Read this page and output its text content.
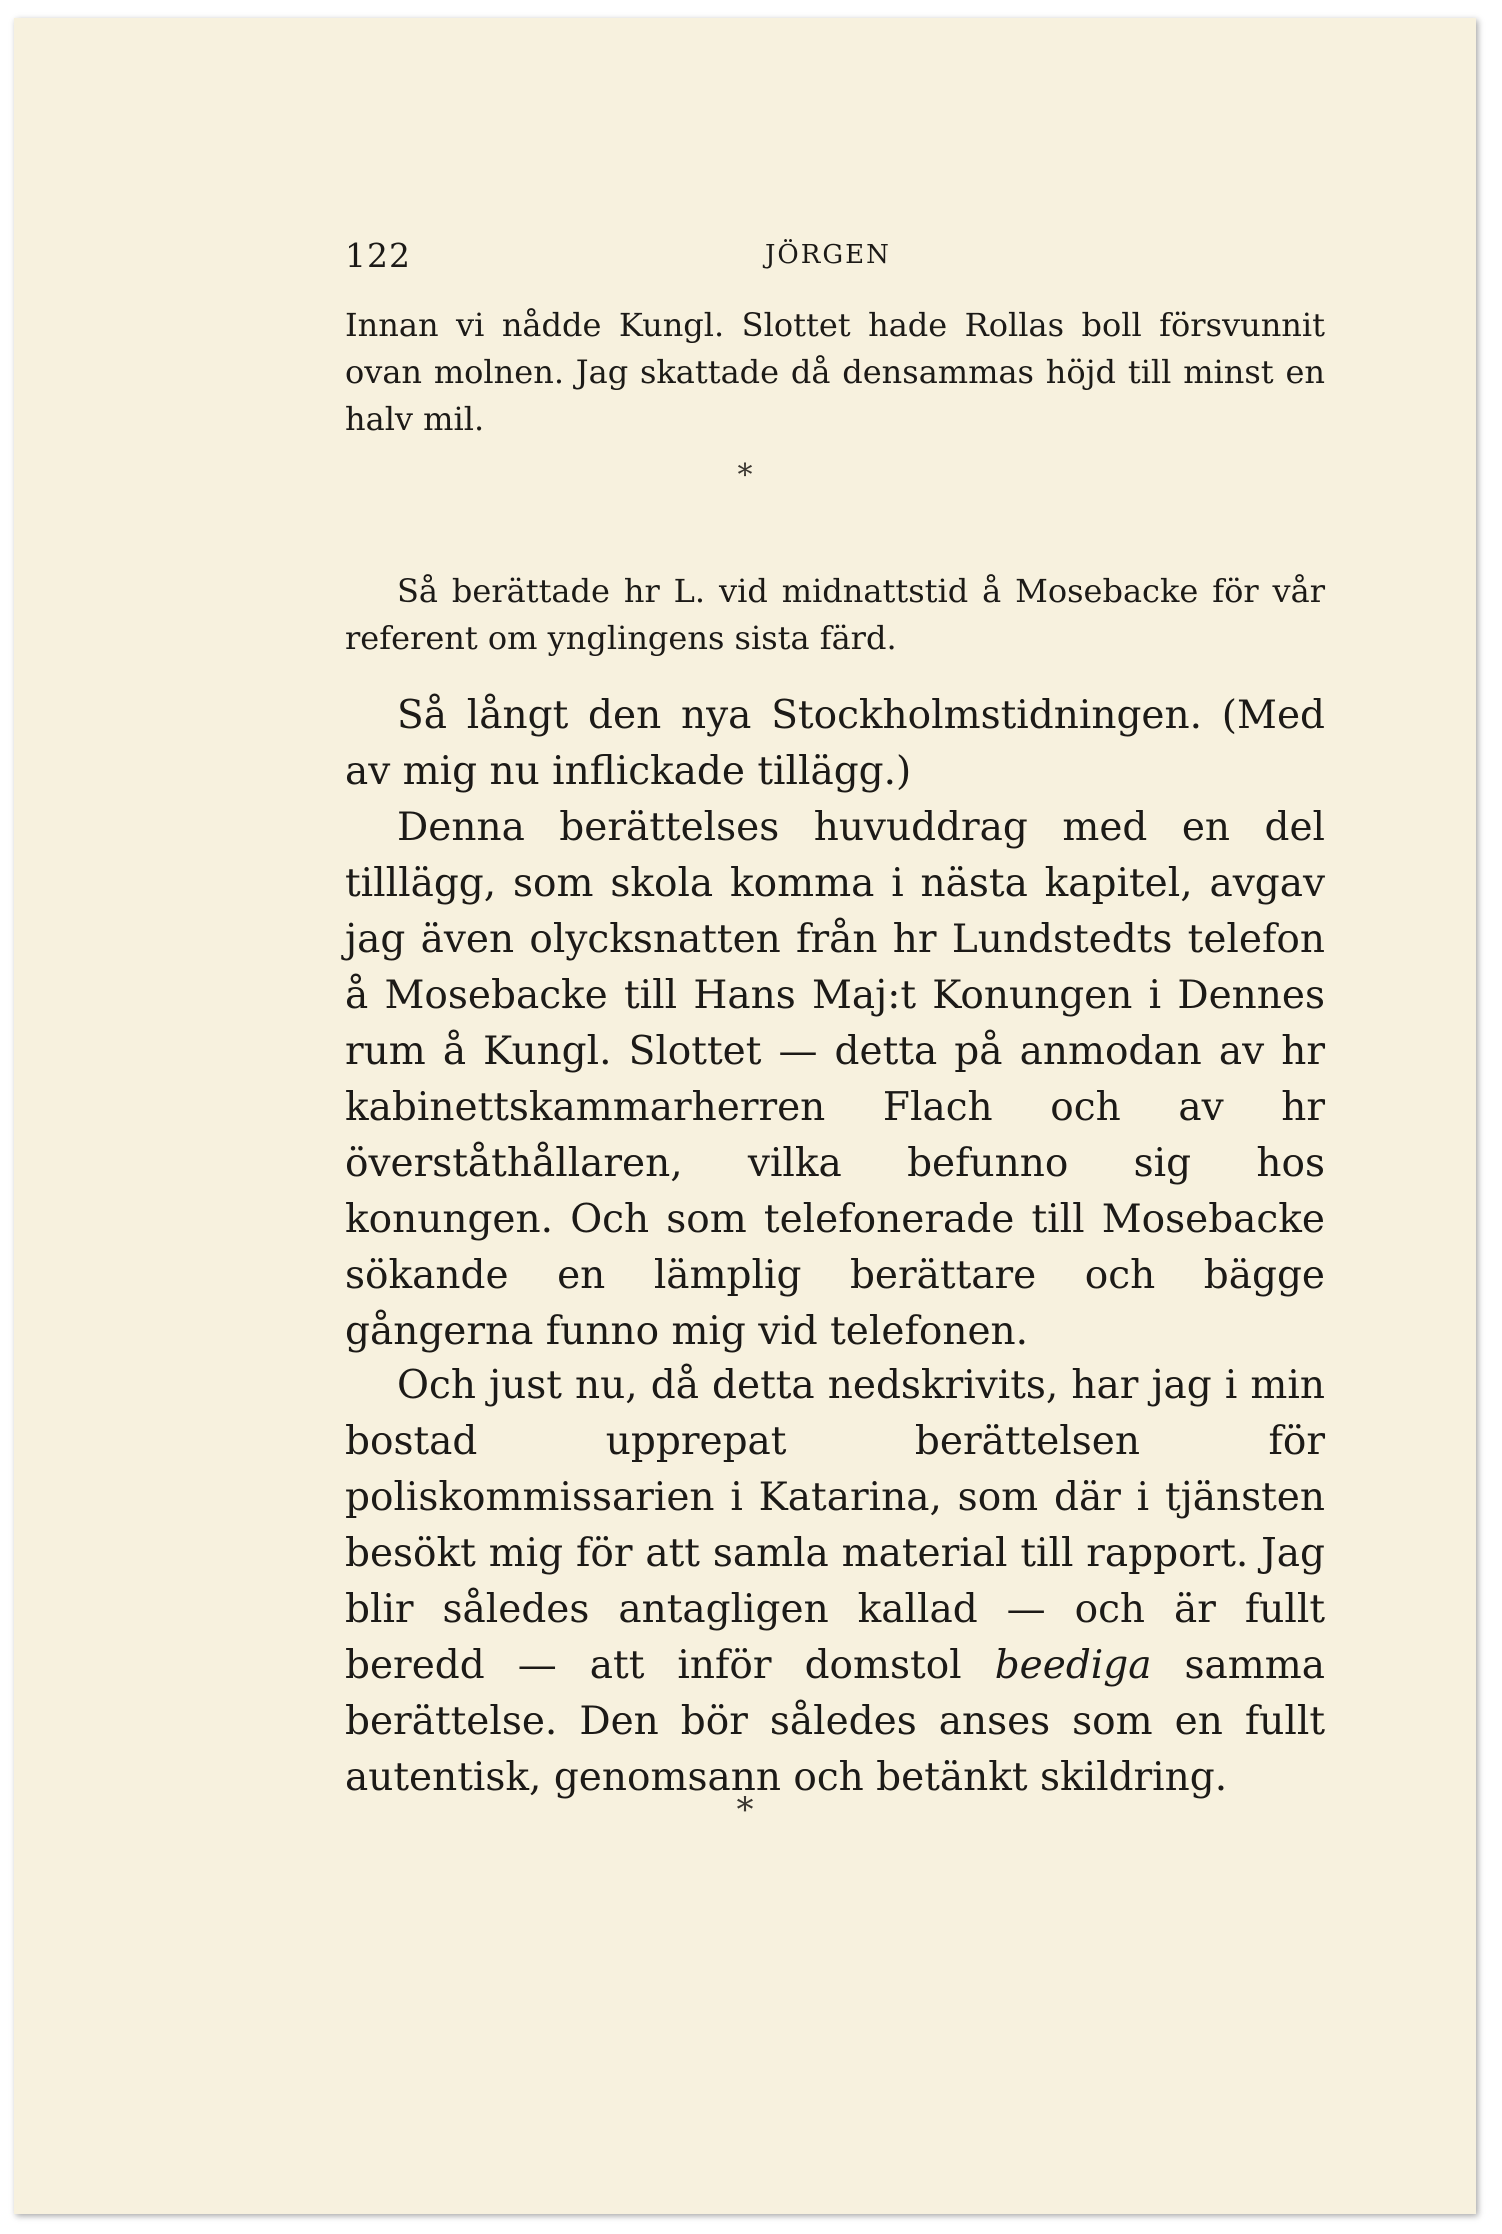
122	JÖRGEN

Innan vi nådde Kungl. Slottet hade Rollas boll försvunnit ovan molnen. Jag skattade då densammas höjd till minst en halv mil.

*

Så berättade hr L. vid midnattstid å Mosebacke för vår referent om ynglingens sista färd.

Så långt den nya Stockholmstidningen. (Med av mig nu inflickade tillägg.)

Denna berättelses huvuddrag med en del tilllägg, som skola komma i nästa kapitel, avgav jag även olycksnatten från hr Lundstedts telefon å Mosebacke till Hans Maj:t Konungen i Dennes rum å Kungl. Slottet — detta på anmodan av hr kabinettskammarherren Flach och av hr överståthållaren, vilka befunno sig hos konungen. Och som telefonerade till Mosebacke sökande en lämplig berättare och bägge gångerna funno mig vid telefonen.

Och just nu, då detta nedskrivits, har jag i min bostad upprepat berättelsen för poliskommissarien i Katarina, som där i tjänsten besökt mig för att samla material till rapport. Jag blir således antagligen kallad — och är fullt beredd — att inför domstol beediga samma berättelse. Den bör således anses som en fullt autentisk, genomsann och betänkt skildring.

*
